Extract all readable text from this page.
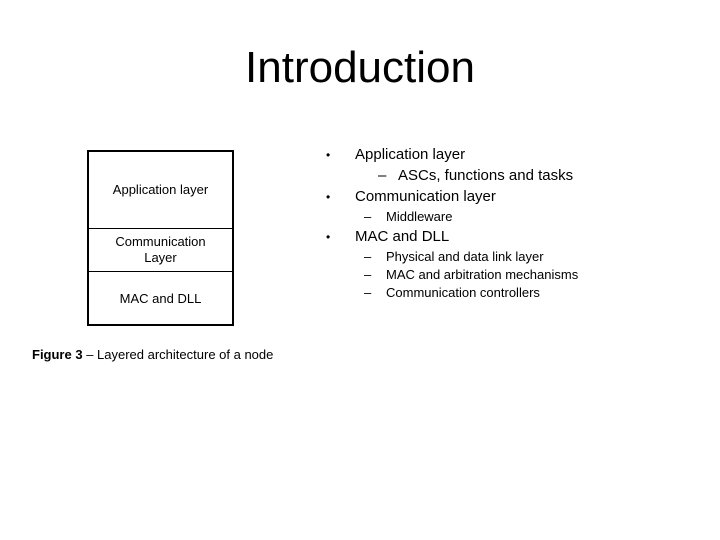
Introduction
Application layer
Communication
Layer
MAC and DLL
Figure 3 – Layered architecture of a node
• Application layer
– ASCs, functions and tasks
• Communication layer
– Middleware
• MAC and DLL
– Physical and data link layer
– MAC and arbitration mechanisms
– Communication controllers
